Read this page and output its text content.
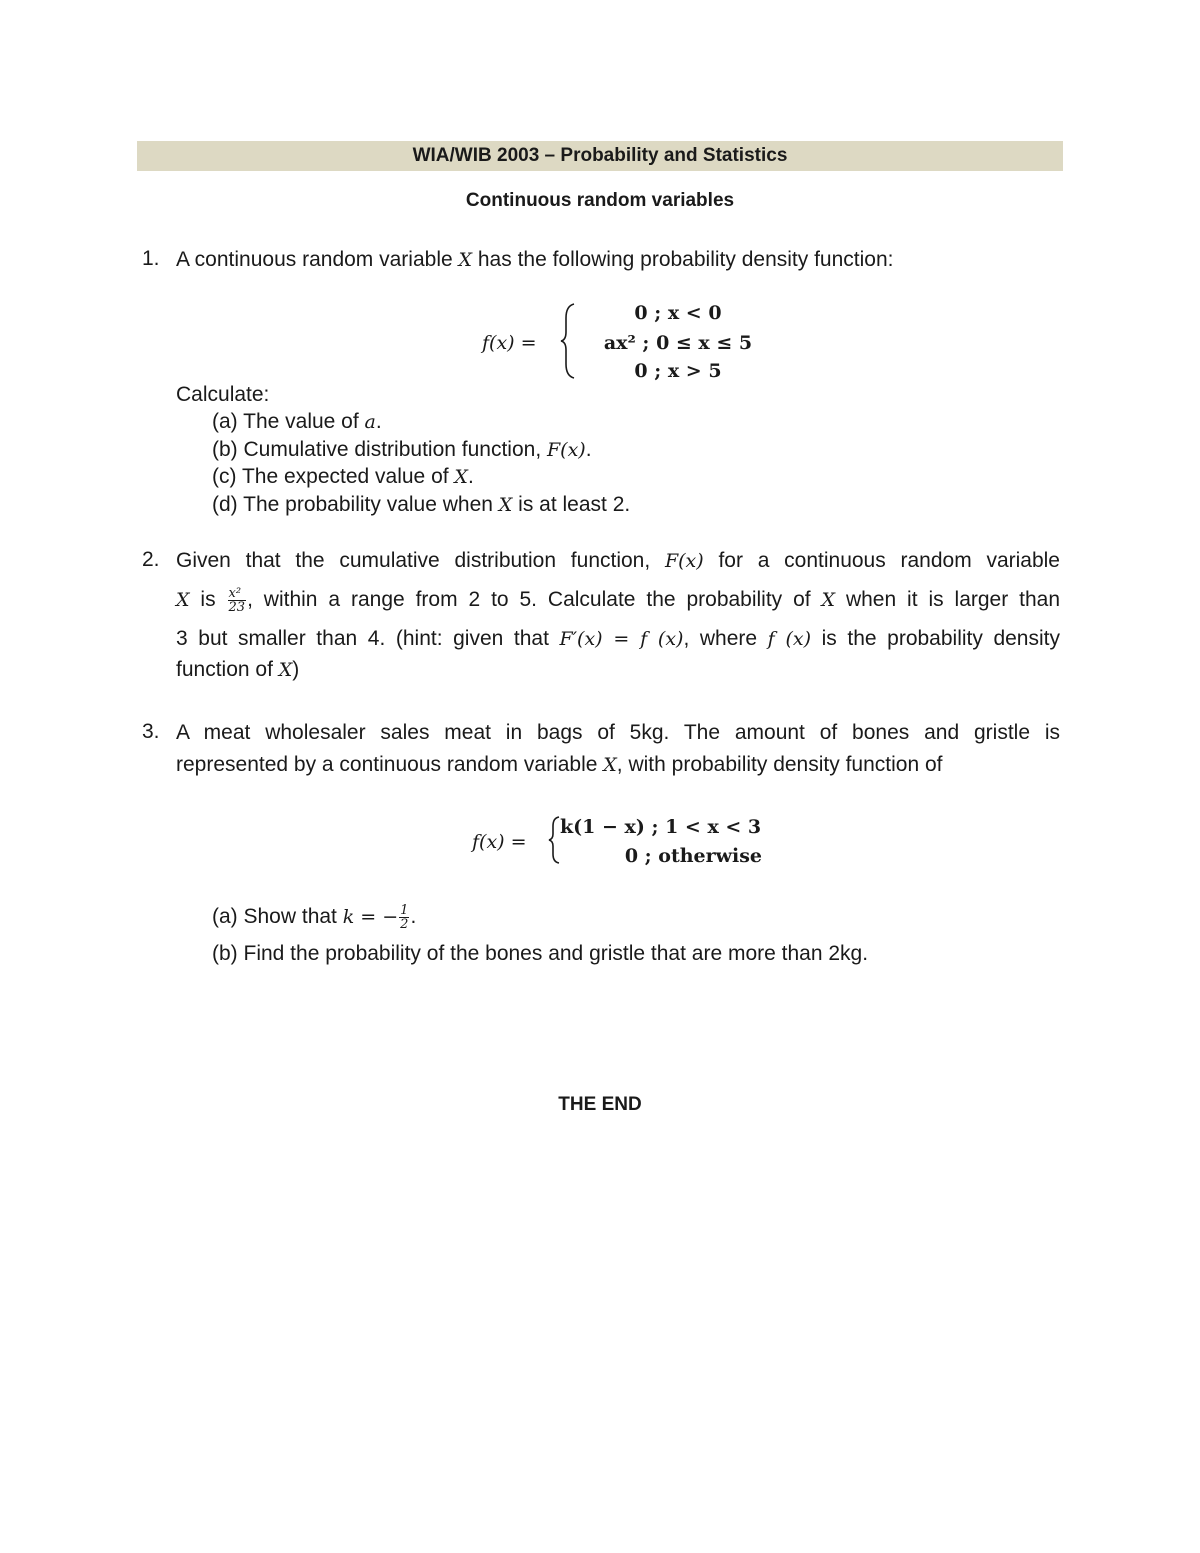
WIA/WIB 2003 – Probability and Statistics
Continuous random variables
1. A continuous random variable X has the following probability density function:
f(x) =
0 ; x < 0
ax² ; 0 ≤ x ≤ 5
0 ; x > 5
Calculate:
(a) The value of a.
(b) Cumulative distribution function, F(x).
(c) The expected value of X.
(d) The probability value when X is at least 2.
2. Given that the cumulative distribution function, F(x) for a continuous random variable
X is $\frac{\text{x²}}{23}$ , within a range from 2 to 5. Calculate the probability of X when it is larger than
3 but smaller than 4. (hint: given that F′(x) = f (x), where f (x) is the probability density
function of X)
3. A meat wholesaler sales meat in bags of 5kg. The amount of bones and gristle is
represented by a continuous random variable X, with probability density function of
f(x) =
k(1 − x) ; 1 < x < 3
0 ; otherwise
(a) Show that k = − $\frac{1}{2}$ .
(b) Find the probability of the bones and gristle that are more than 2kg.
THE END
